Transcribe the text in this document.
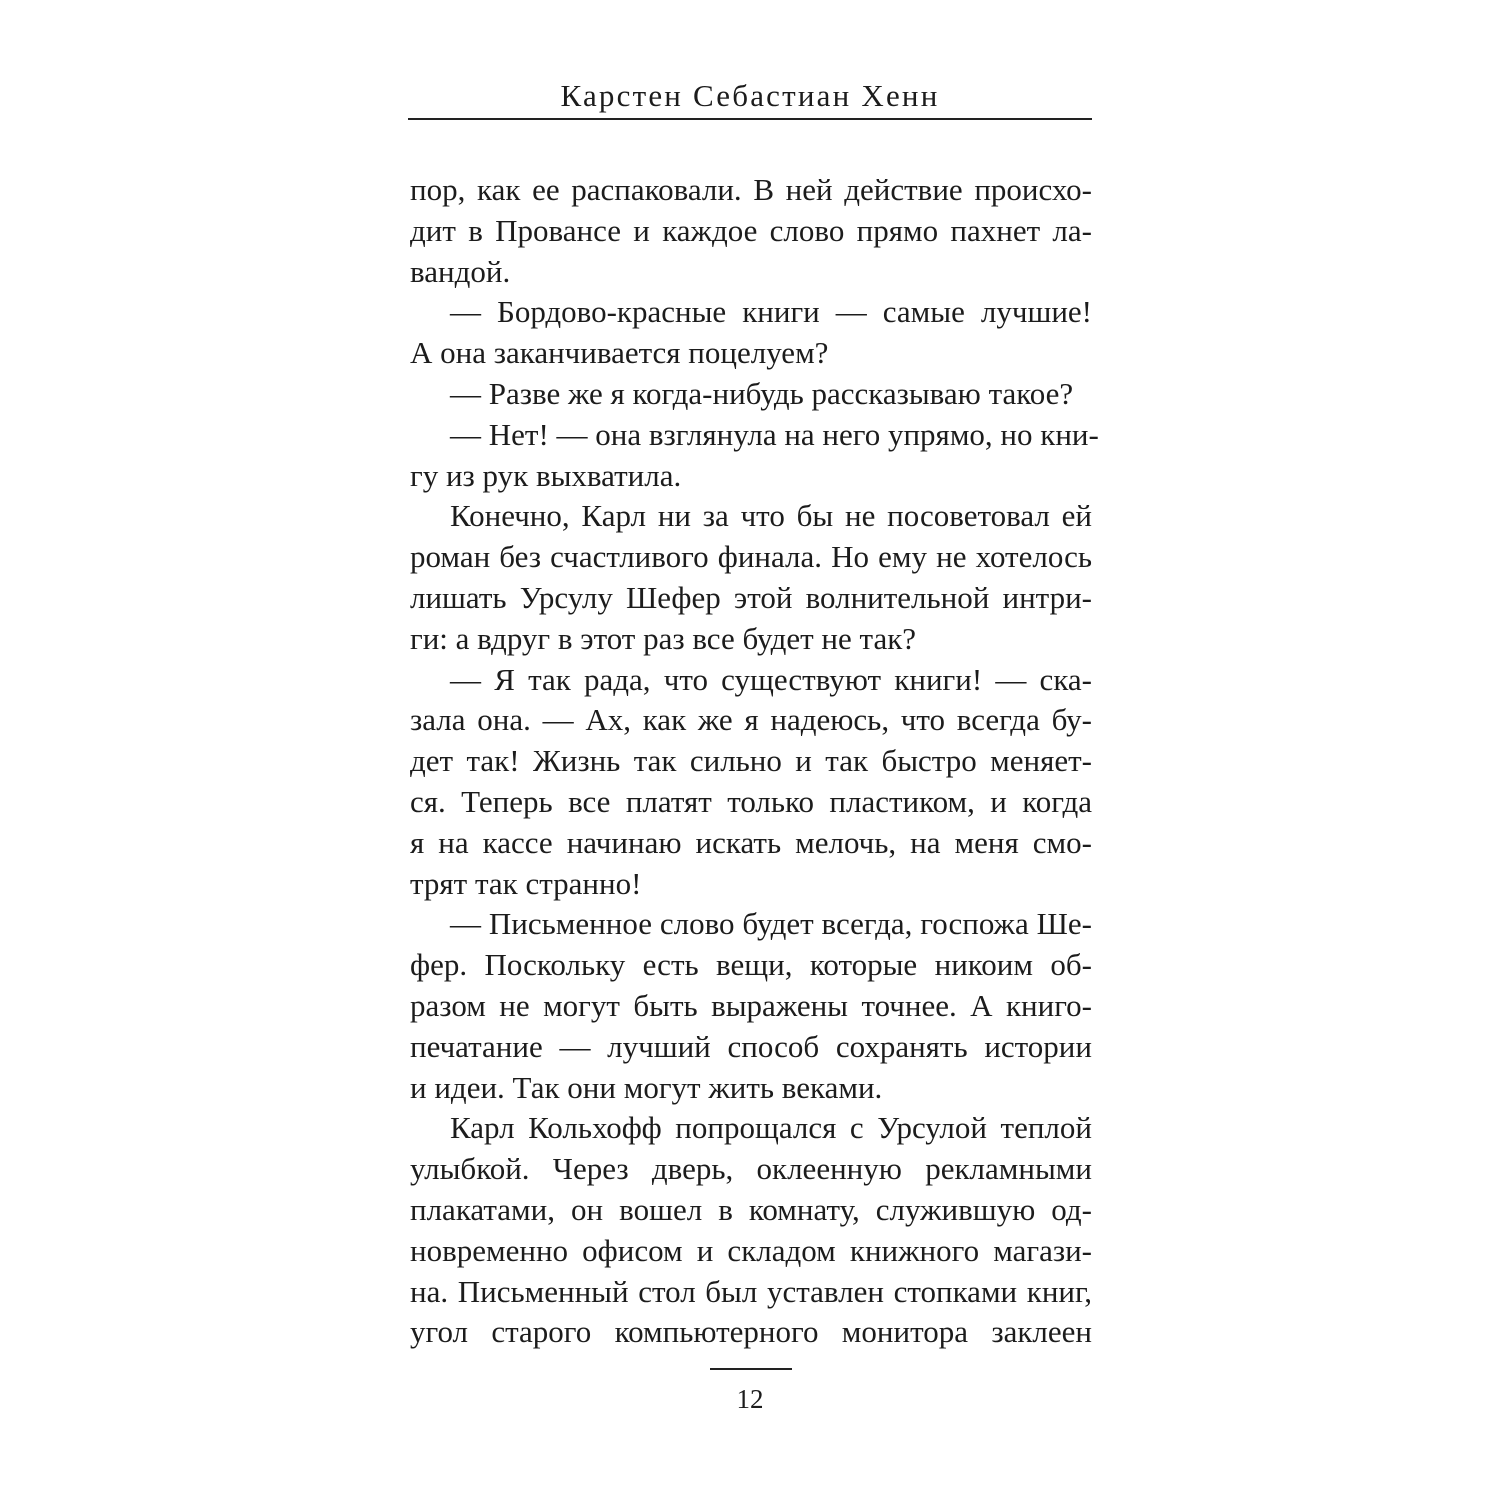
Карстен Себастиан Хенн
пор, как ее распаковали. В ней действие происхо-
дит в Провансе и каждое слово прямо пахнет ла-
вандой.
— Бордово-красные книги — самые лучшие!
А она заканчивается поцелуем?
— Разве же я когда-нибудь рассказываю такое?
— Нет! — она взглянула на него упрямо, но кни-
гу из рук выхватила.
Конечно, Карл ни за что бы не посоветовал ей
роман без счастливого финала. Но ему не хотелось
лишать Урсулу Шефер этой волнительной интри-
ги: а вдруг в этот раз все будет не так?
— Я так рада, что существуют книги! — ска-
зала она. — Ах, как же я надеюсь, что всегда бу-
дет так! Жизнь так сильно и так быстро меняет-
ся. Теперь все платят только пластиком, и когда
я на кассе начинаю искать мелочь, на меня смо-
трят так странно!
— Письменное слово будет всегда, госпожа Ше-
фер. Поскольку есть вещи, которые никоим об-
разом не могут быть выражены точнее. А книго-
печатание — лучший способ сохранять истории
и идеи. Так они могут жить веками.
Карл Кольхофф попрощался с Урсулой теплой
улыбкой. Через дверь, оклеенную рекламными
плакатами, он вошел в комнату, служившую од-
новременно офисом и складом книжного магази-
на. Письменный стол был уставлен стопками книг,
угол старого компьютерного монитора заклеен
12
